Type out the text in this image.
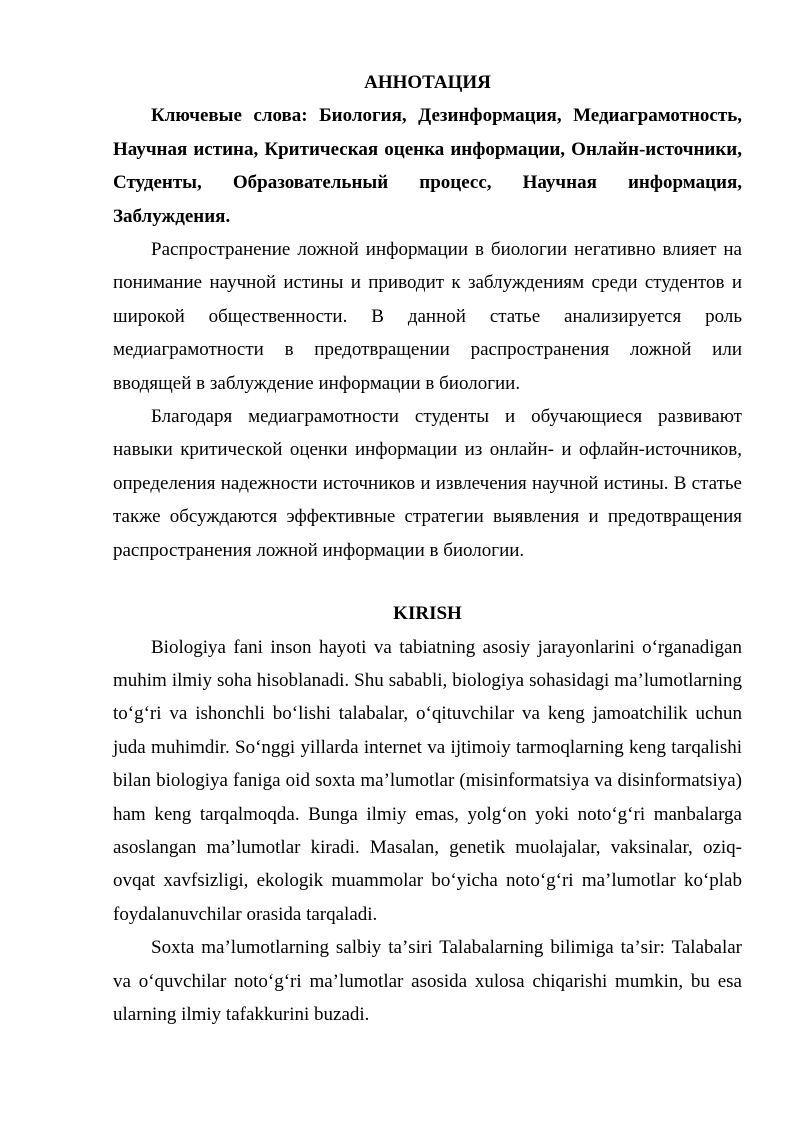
АННОТАЦИЯ

Ключевые слова: Биология, Дезинформация, Медиаграмотность, Научная истина, Критическая оценка информации, Онлайн-источники, Студенты, Образовательный процесс, Научная информация, Заблуждения.

Распространение ложной информации в биологии негативно влияет на понимание научной истины и приводит к заблуждениям среди студентов и широкой общественности. В данной статье анализируется роль медиаграмотности в предотвращении распространения ложной или вводящей в заблуждение информации в биологии.

Благодаря медиаграмотности студенты и обучающиеся развивают навыки критической оценки информации из онлайн- и офлайн-источников, определения надежности источников и извлечения научной истины. В статье также обсуждаются эффективные стратегии выявления и предотвращения распространения ложной информации в биологии.

KIRISH

Biologiya fani inson hayoti va tabiatning asosiy jarayonlarini oʻrganadigan muhim ilmiy soha hisoblanadi. Shu sababli, biologiya sohasidagi maʼlumotlarning toʻgʻri va ishonchli boʻlishi talabalar, oʻqituvchilar va keng jamoatchilik uchun juda muhimdir. Soʻnggi yillarda internet va ijtimoiy tarmoqlarning keng tarqalishi bilan biologiya faniga oid soxta maʼlumotlar (misinformatsiya va disinformatsiya) ham keng tarqalmoqda. Bunga ilmiy emas, yolgʻon yoki notoʻgʻri manbalarga asoslangan maʼlumotlar kiradi. Masalan, genetik muolajalar, vaksinalar, oziq-ovqat xavfsizligi, ekologik muammolar boʻyicha notoʻgʻri maʼlumotlar koʻplab foydalanuvchilar orasida tarqaladi.

Soxta maʼlumotlarning salbiy taʼsiri Talabalarning bilimiga taʼsir: Talabalar va oʻquvchilar notoʻgʻri maʼlumotlar asosida xulosa chiqarishi mumkin, bu esa ularning ilmiy tafakkurini buzadi.
